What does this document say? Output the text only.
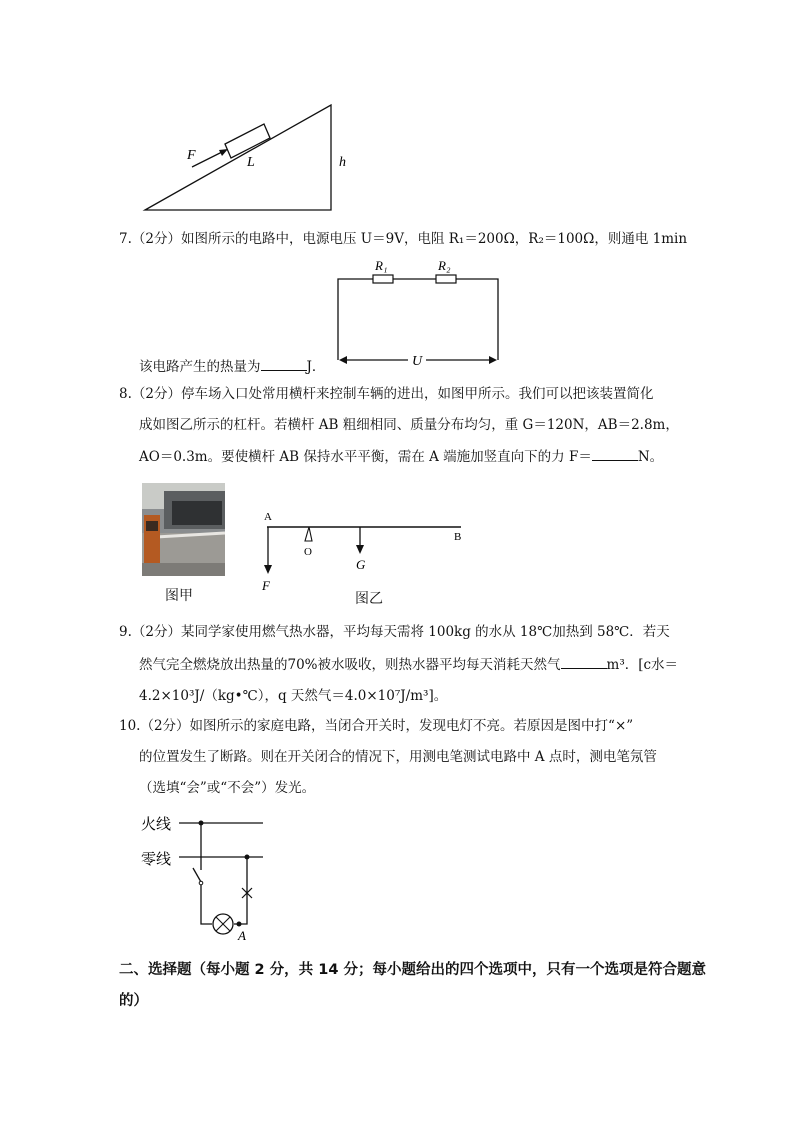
F	L	h
7.（2分）如图所示的电路中，电源电压 U＝9V，电阻 R₁＝200Ω，R₂＝100Ω，则通电 1min
R₁	R₂
U
该电路产生的热量为	J．
8.（2分）停车场入口处常用横杆来控制车辆的进出，如图甲所示。我们可以把该装置简化
成如图乙所示的杠杆。若横杆 AB 粗细相同、质量分布均匀，重 G＝120N，AB＝2.8m，
AO＝0.3m。要使横杆 AB 保持水平平衡，需在 A 端施加竖直向下的力 F＝	N。
图甲
A
B
O
F
G
图乙
9.（2分）某同学家使用燃气热水器，平均每天需将 100kg 的水从 18℃加热到 58℃．若天
然气完全燃烧放出热量的70%被水吸收，则热水器平均每天消耗天然气	m³．[c水＝
4.2×10³J/（kg•℃），q 天然气＝4.0×10⁷J/m³]。
10.（2分）如图所示的家庭电路，当闭合开关时，发现电灯不亮。若原因是图中打“×”
的位置发生了断路。则在开关闭合的情况下，用测电笔测试电路中 A 点时，测电笔氖管
（选填“会”或“不会”）发光。
火线
零线
A
二、选择题（每小题 2 分，共 14 分；每小题给出的四个选项中，只有一个选项是符合题意
的）
